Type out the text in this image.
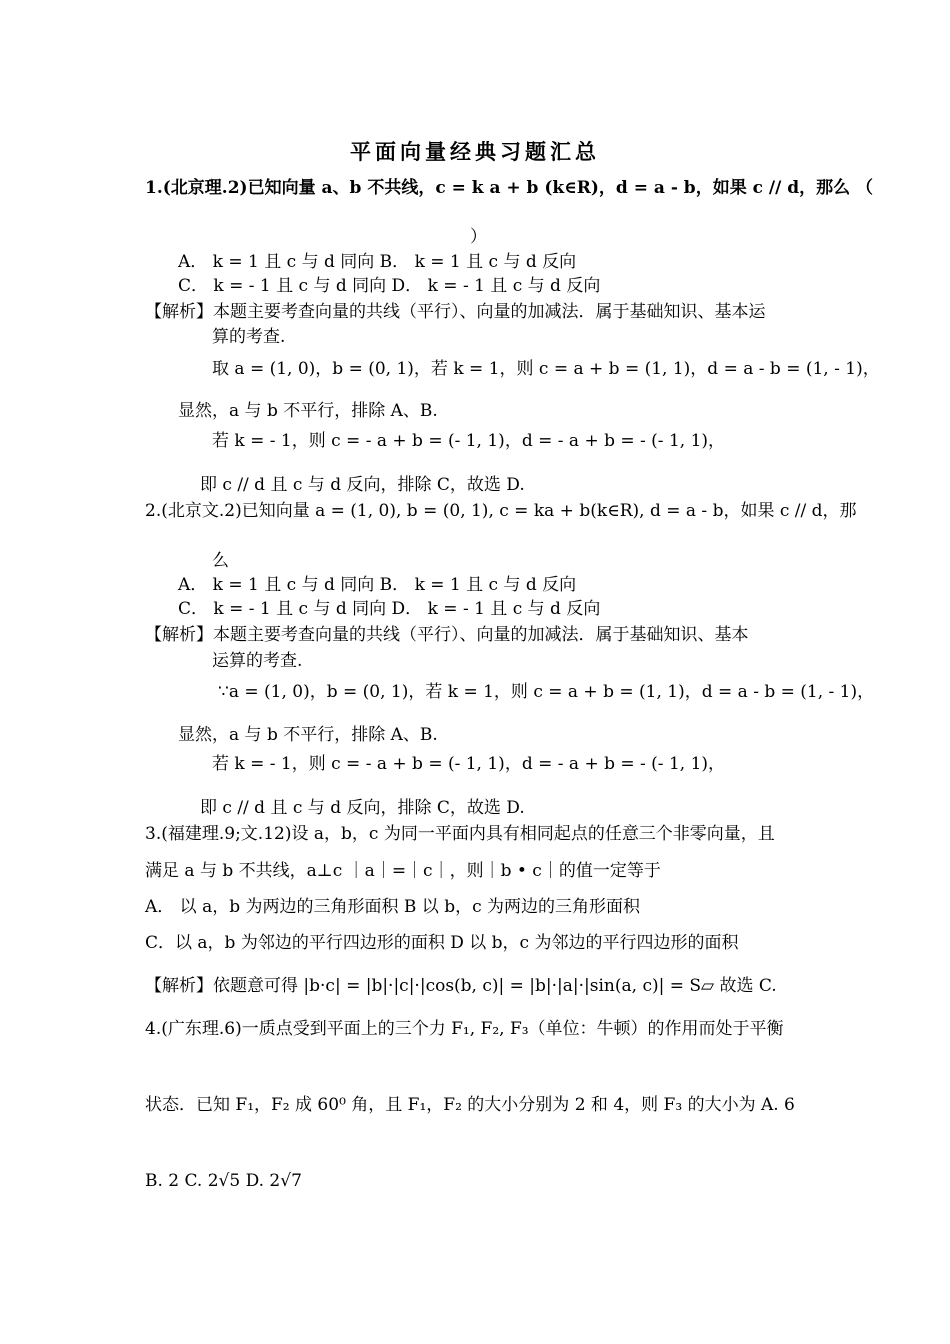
平面向量经典习题汇总
1.(北京理.2)已知向量 a、b 不共线，c = k a + b (k∈R)，d = a - b，如果 c // d，那么 （
）
A． k = 1 且 c 与 d 同向 B． k = 1 且 c 与 d 反向
C． k = - 1 且 c 与 d 同向 D． k = - 1 且 c 与 d 反向
【解析】本题主要考查向量的共线（平行）、向量的加减法．属于基础知识、基本运
算的考查.
取 a = (1, 0)，b = (0, 1)，若 k = 1，则 c = a + b = (1, 1)，d = a - b = (1, - 1)，
显然，a 与 b 不平行，排除 A、B.
若 k = - 1，则 c = - a + b = (- 1, 1)，d = - a + b = - (- 1, 1)，
即 c // d 且 c 与 d 反向，排除 C，故选 D.
2.(北京文.2)已知向量 a = (1, 0), b = (0, 1), c = ka + b(k∈R), d = a - b，如果 c // d，那
么
A． k = 1 且 c 与 d 同向 B． k = 1 且 c 与 d 反向
C． k = - 1 且 c 与 d 同向 D． k = - 1 且 c 与 d 反向
【解析】本题主要考查向量的共线（平行）、向量的加减法．属于基础知识、基本
运算的考查.
∵a = (1, 0)，b = (0, 1)，若 k = 1，则 c = a + b = (1, 1)，d = a - b = (1, - 1)，
显然，a 与 b 不平行，排除 A、B.
若 k = - 1，则 c = - a + b = (- 1, 1)，d = - a + b = - (- 1, 1)，
即 c // d 且 c 与 d 反向，排除 C，故选 D.
3.(福建理.9;文.12)设 a，b，c 为同一平面内具有相同起点的任意三个非零向量，且
满足 a 与 b 不共线，a⊥c ｜a｜=｜c｜，则｜b • c｜的值一定等于
A． 以 a，b 为两边的三角形面积 B 以 b，c 为两边的三角形面积
C．以 a，b 为邻边的平行四边形的面积 D 以 b，c 为邻边的平行四边形的面积
【解析】依题意可得 |b·c| = |b|·|c|·|cos(b, c)| = |b|·|a|·|sin(a, c)| = S▱ 故选 C.
4.(广东理.6)一质点受到平面上的三个力 F₁, F₂, F₃（单位：牛顿）的作用而处于平衡
状态．已知 F₁，F₂ 成 60⁰ 角，且 F₁，F₂ 的大小分别为 2 和 4，则 F₃ 的大小为 A. 6
B. 2 C. 2√5 D. 2√7
